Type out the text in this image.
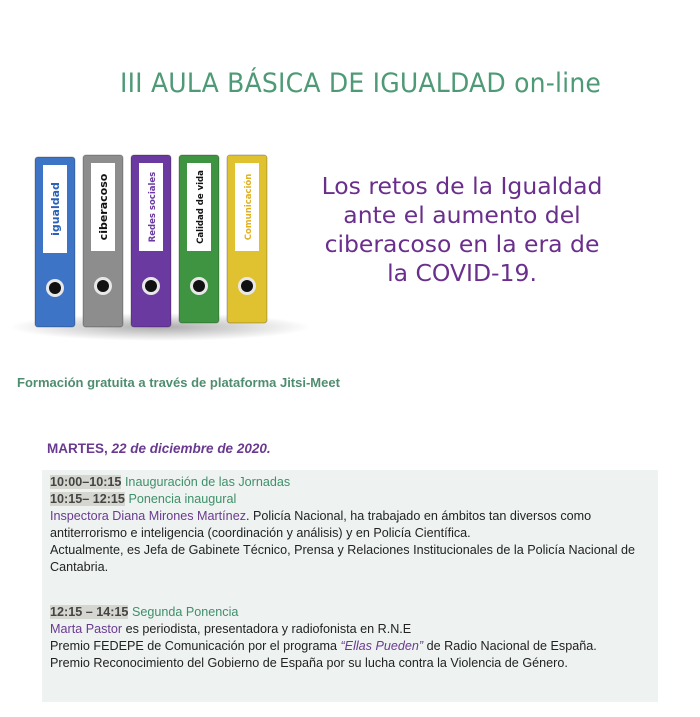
III AULA BÁSICA DE IGUALDAD on-line
igualdad	ciberacoso	Redes sociales	Calidad de vida	Comunicación	Los retos de la Igualdad
ante el aumento del
ciberacoso en la era de
la COVID-19.
Formación gratuita a través de plataforma Jitsi-Meet
MARTES, 22 de diciembre de 2020.

10:00–10:15 Inauguración de las Jornadas

10:15– 12:15 Ponencia inaugural

Inspectora Diana Mirones Martínez. Policía Nacional, ha trabajado en ámbitos tan diversos como antiterrorismo e inteligencia (coordinación y análisis) y en Policía Científica.

Actualmente, es Jefa de Gabinete Técnico, Prensa y Relaciones Institucionales de la Policía Nacional de Cantabria.

12:15 – 14:15 Segunda Ponencia

Marta Pastor es periodista, presentadora y radiofonista en R.N.E

Premio FEDEPE de Comunicación por el programa “Ellas Pueden” de Radio Nacional de España.

Premio Reconocimiento del Gobierno de España por su lucha contra la Violencia de Género.
